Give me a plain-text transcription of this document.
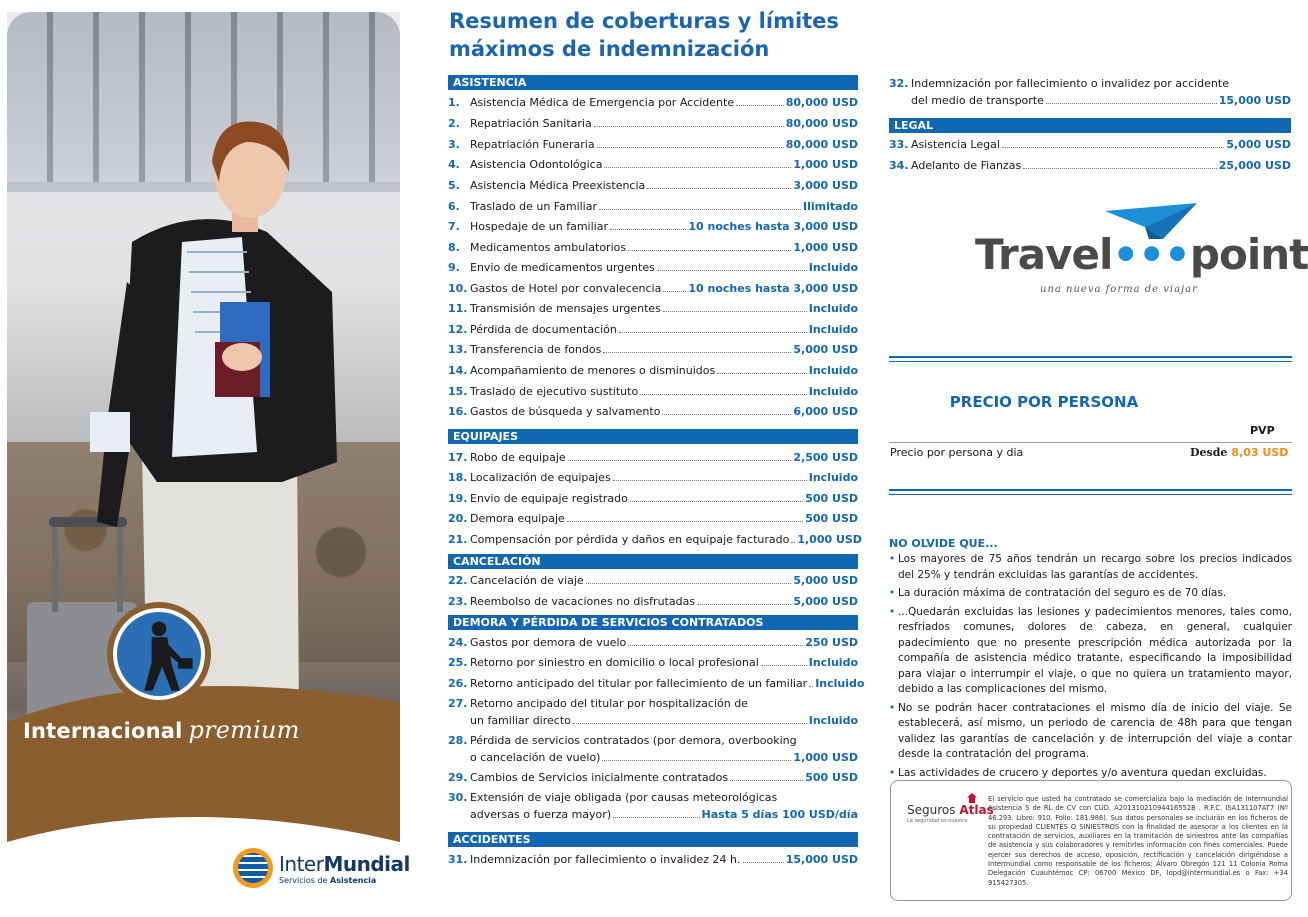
Internacional premium
InterMundial
Servicios de Asistencia
Resumen de coberturas y límites máximos de indemnización
ASISTENCIA
1. Asistencia Médica de Emergencia por Accidente	80,000 USD
2. Repatriación Sanitaria	80,000 USD
3. Repatriación Funeraria	80,000 USD
4. Asistencia Odontológica	1,000 USD
5. Asistencia Médica Preexistencia	3,000 USD
6. Traslado de un Familiar	Ilimitado
7. Hospedaje de un familiar	10 noches hasta 3,000 USD
8. Medicamentos ambulatorios	1,000 USD
9. Envio de medicamentos urgentes	Incluido
10. Gastos de Hotel por convalecencia 10 noches hasta 3,000 USD
11. Transmisión de mensajes urgentes	Incluido
12. Pérdida de documentación	Incluido
13. Transferencia de fondos	5,000 USD
14. Acompañamiento de menores o disminuidos	Incluido
15. Traslado de ejecutivo sustituto	Incluido
16. Gastos de búsqueda y salvamento	6,000 USD
EQUIPAJES
17. Robo de equipaje	2,500 USD
18. Localización de equipajes	Incluido
19. Envio de equipaje registrado	500 USD
20. Demora equipaje	500 USD
21. Compensación por pérdida y daños en equipaje facturado 1,000 USD
CANCELACIÓN
22. Cancelación de viaje	5,000 USD
23. Reembolso de vacaciones no disfrutadas	5,000 USD
DEMORA Y PÉRDIDA DE SERVICIOS CONTRATADOS
24. Gastos por demora de vuelo	250 USD
25. Retorno por siniestro en domicilio o local profesional	Incluido
26. Retorno anticipado del titular por fallecimiento de un familiar Incluido
27. Retorno ancipado del titular por hospitalización de
un familiar directo	Incluido
28. Pérdida de servicios contratados (por demora, overbooking
o cancelación de vuelo)	1,000 USD
29. Cambios de Servicios inicialmente contratados	500 USD
30. Extensión de viaje obligada (por causas meteorológicas
adversas o fuerza mayor)	Hasta 5 días 100 USD/día
ACCIDENTES
31. Indemnización por fallecimiento o invalidez 24 h.	15,000 USD
32. Indemnización por fallecimiento o invalidez por accidente
del medio de transporte	15,000 USD
LEGAL
33. Asistencia Legal	5,000 USD
34. Adelanto de Fianzas	25,000 USD
Travel•••point
una nueva forma de viajar
PRECIO POR PERSONA
PVP
Precio por persona y dia	Desde 8,03 USD
NO OLVIDE QUE...
• Los mayores de 75 años tendrán un recargo sobre los precios indicados del 25% y tendrán excluidas las garantías de accidentes.
• La duración máxima de contratación del seguro es de 70 días.
• ...Quedarán excluidas las lesiones y padecimientos menores, tales como, resfriados comunes, dolores de cabeza, en general, cualquier padecimiento que no presente prescripción médica autorizada por la compañía de asistencia médico tratante, especificando la imposibilidad para viajar o interrumpir el viaje, o que no quiera un tratamiento mayor, debido a las complicaciones del mismo.
• No se podrán hacer contrataciones el mismo día de inicio del viaje. Se establecerá, así mismo, un periodo de carencia de 48h para que tengan validez las garantías de cancelación y de interrupción del viaje a contar desde la contratación del programa.
• Las actividades de crucero y deportes y/o aventura quedan excluidas.
Seguros Atlas
La seguridad es nuestra
El servicio que usted ha contratado se comercializa bajo la mediación de Intermundial Asistencia S de RL de CV con CUD. A20131021094416552B . R.F.C. ISA131107AT7 (Nº 46.293. Libro: 910. Folio: 181.986). Sus datos personales se incluirán en los ficheros de su propiedad CLIENTES O SINIESTROS con la finalidad de asesorar a los clientes en la contratación de servicios, auxiliares en la tramitación de siniestros ante las compañías de asistencia y sus colaboradores y remitirles información con fines comerciales. Puede ejercer sus derechos de acceso, oposición, rectificación y cancelación dirigiéndose a Intermundial como responsable de los ficheros: Álvaro Obregón 121 11 Colonia Roma Delegación Cuauhtémoc CP: 06700 México DF, lopd@intermundial.es o Fax: +34 915427305.
